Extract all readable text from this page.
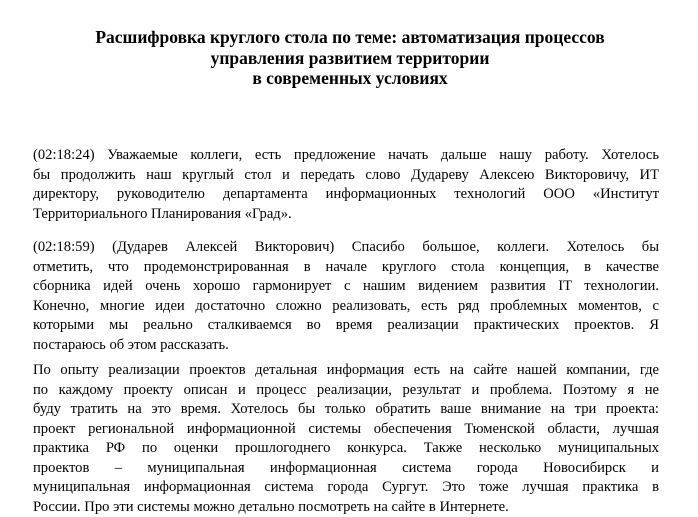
Расшифровка круглого стола по теме: автоматизация процессов
управления развитием территории
в современных условиях
(02:18:24) Уважаемые коллеги, есть предложение начать дальше нашу работу. Хотелось
бы продолжить наш круглый стол и передать слово Дудареву Алексею Викторовичу, ИТ
директору, руководителю департамента информационных технологий ООО «Институт
Территориального Планирования «Град».
(02:18:59) (Дударев Алексей Викторович) Спасибо большое, коллеги. Хотелось бы
отметить, что продемонстрированная в начале круглого стола концепция, в качестве
сборника идей очень хорошо гармонирует с нашим видением развития IT технологии.
Конечно, многие идеи достаточно сложно реализовать, есть ряд проблемных моментов, с
которыми мы реально сталкиваемся во время реализации практических проектов. Я
постараюсь об этом рассказать.
По опыту реализации проектов детальная информация есть на сайте нашей компании, где
по каждому проекту описан и процесс реализации, результат и проблема. Поэтому я не
буду тратить на это время. Хотелось бы только обратить ваше внимание на три проекта:
проект региональной информационной системы обеспечения Тюменской области, лучшая
практика РФ по оценки прошлогоднего конкурса. Также несколько муниципальных
проектов – муниципальная информационная система города Новосибирск и
муниципальная информационная система города Сургут. Это тоже лучшая практика в
России. Про эти системы можно детально посмотреть на сайте в Интернете.
